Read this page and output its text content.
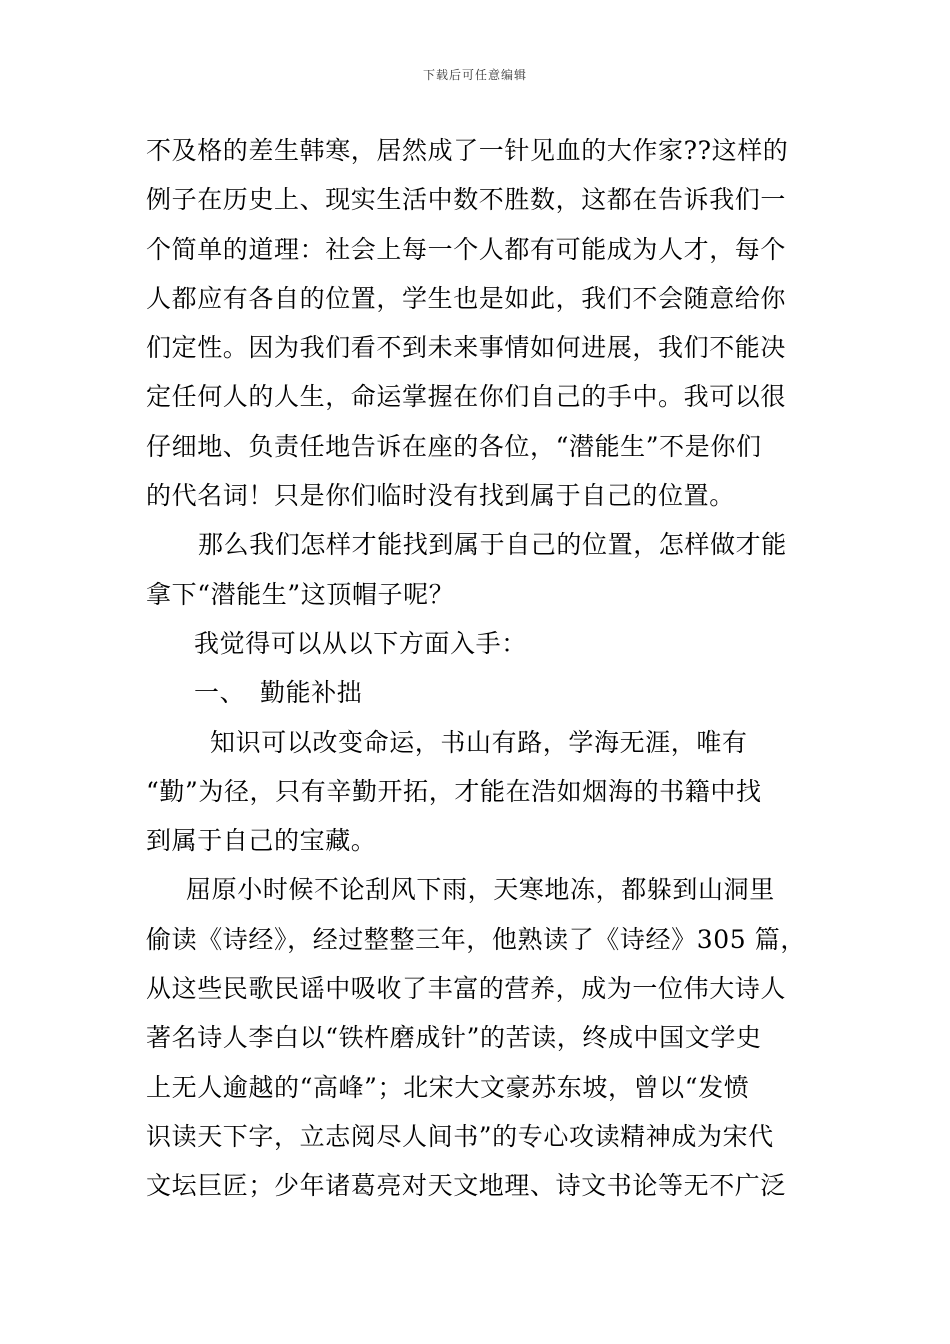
下载后可任意编辑
不及格的差生韩寒，居然成了一针见血的大作家??这样的
例子在历史上、现实生活中数不胜数，这都在告诉我们一
个简单的道理：社会上每一个人都有可能成为人才，每个
人都应有各自的位置，学生也是如此，我们不会随意给你
们定性。因为我们看不到未来事情如何进展，我们不能决
定任何人的人生，命运掌握在你们自己的手中。我可以很
仔细地、负责任地告诉在座的各位，“潜能生”不是你们
的代名词！只是你们临时没有找到属于自己的位置。
那么我们怎样才能找到属于自己的位置，怎样做才能
拿下“潜能生”这顶帽子呢？
我觉得可以从以下方面入手：
一、 勤能补拙
知识可以改变命运，书山有路，学海无涯，唯有
“勤”为径，只有辛勤开拓，才能在浩如烟海的书籍中找
到属于自己的宝藏。
屈原小时候不论刮风下雨，天寒地冻，都躲到山洞里
偷读《诗经》，经过整整三年，他熟读了《诗经》305 篇，
从这些民歌民谣中吸收了丰富的营养，成为一位伟大诗人
著名诗人李白以“铁杵磨成针”的苦读，终成中国文学史
上无人逾越的“高峰”；北宋大文豪苏东坡，曾以“发愤
识读天下字，立志阅尽人间书”的专心攻读精神成为宋代
文坛巨匠；少年诸葛亮对天文地理、诗文书论等无不广泛
